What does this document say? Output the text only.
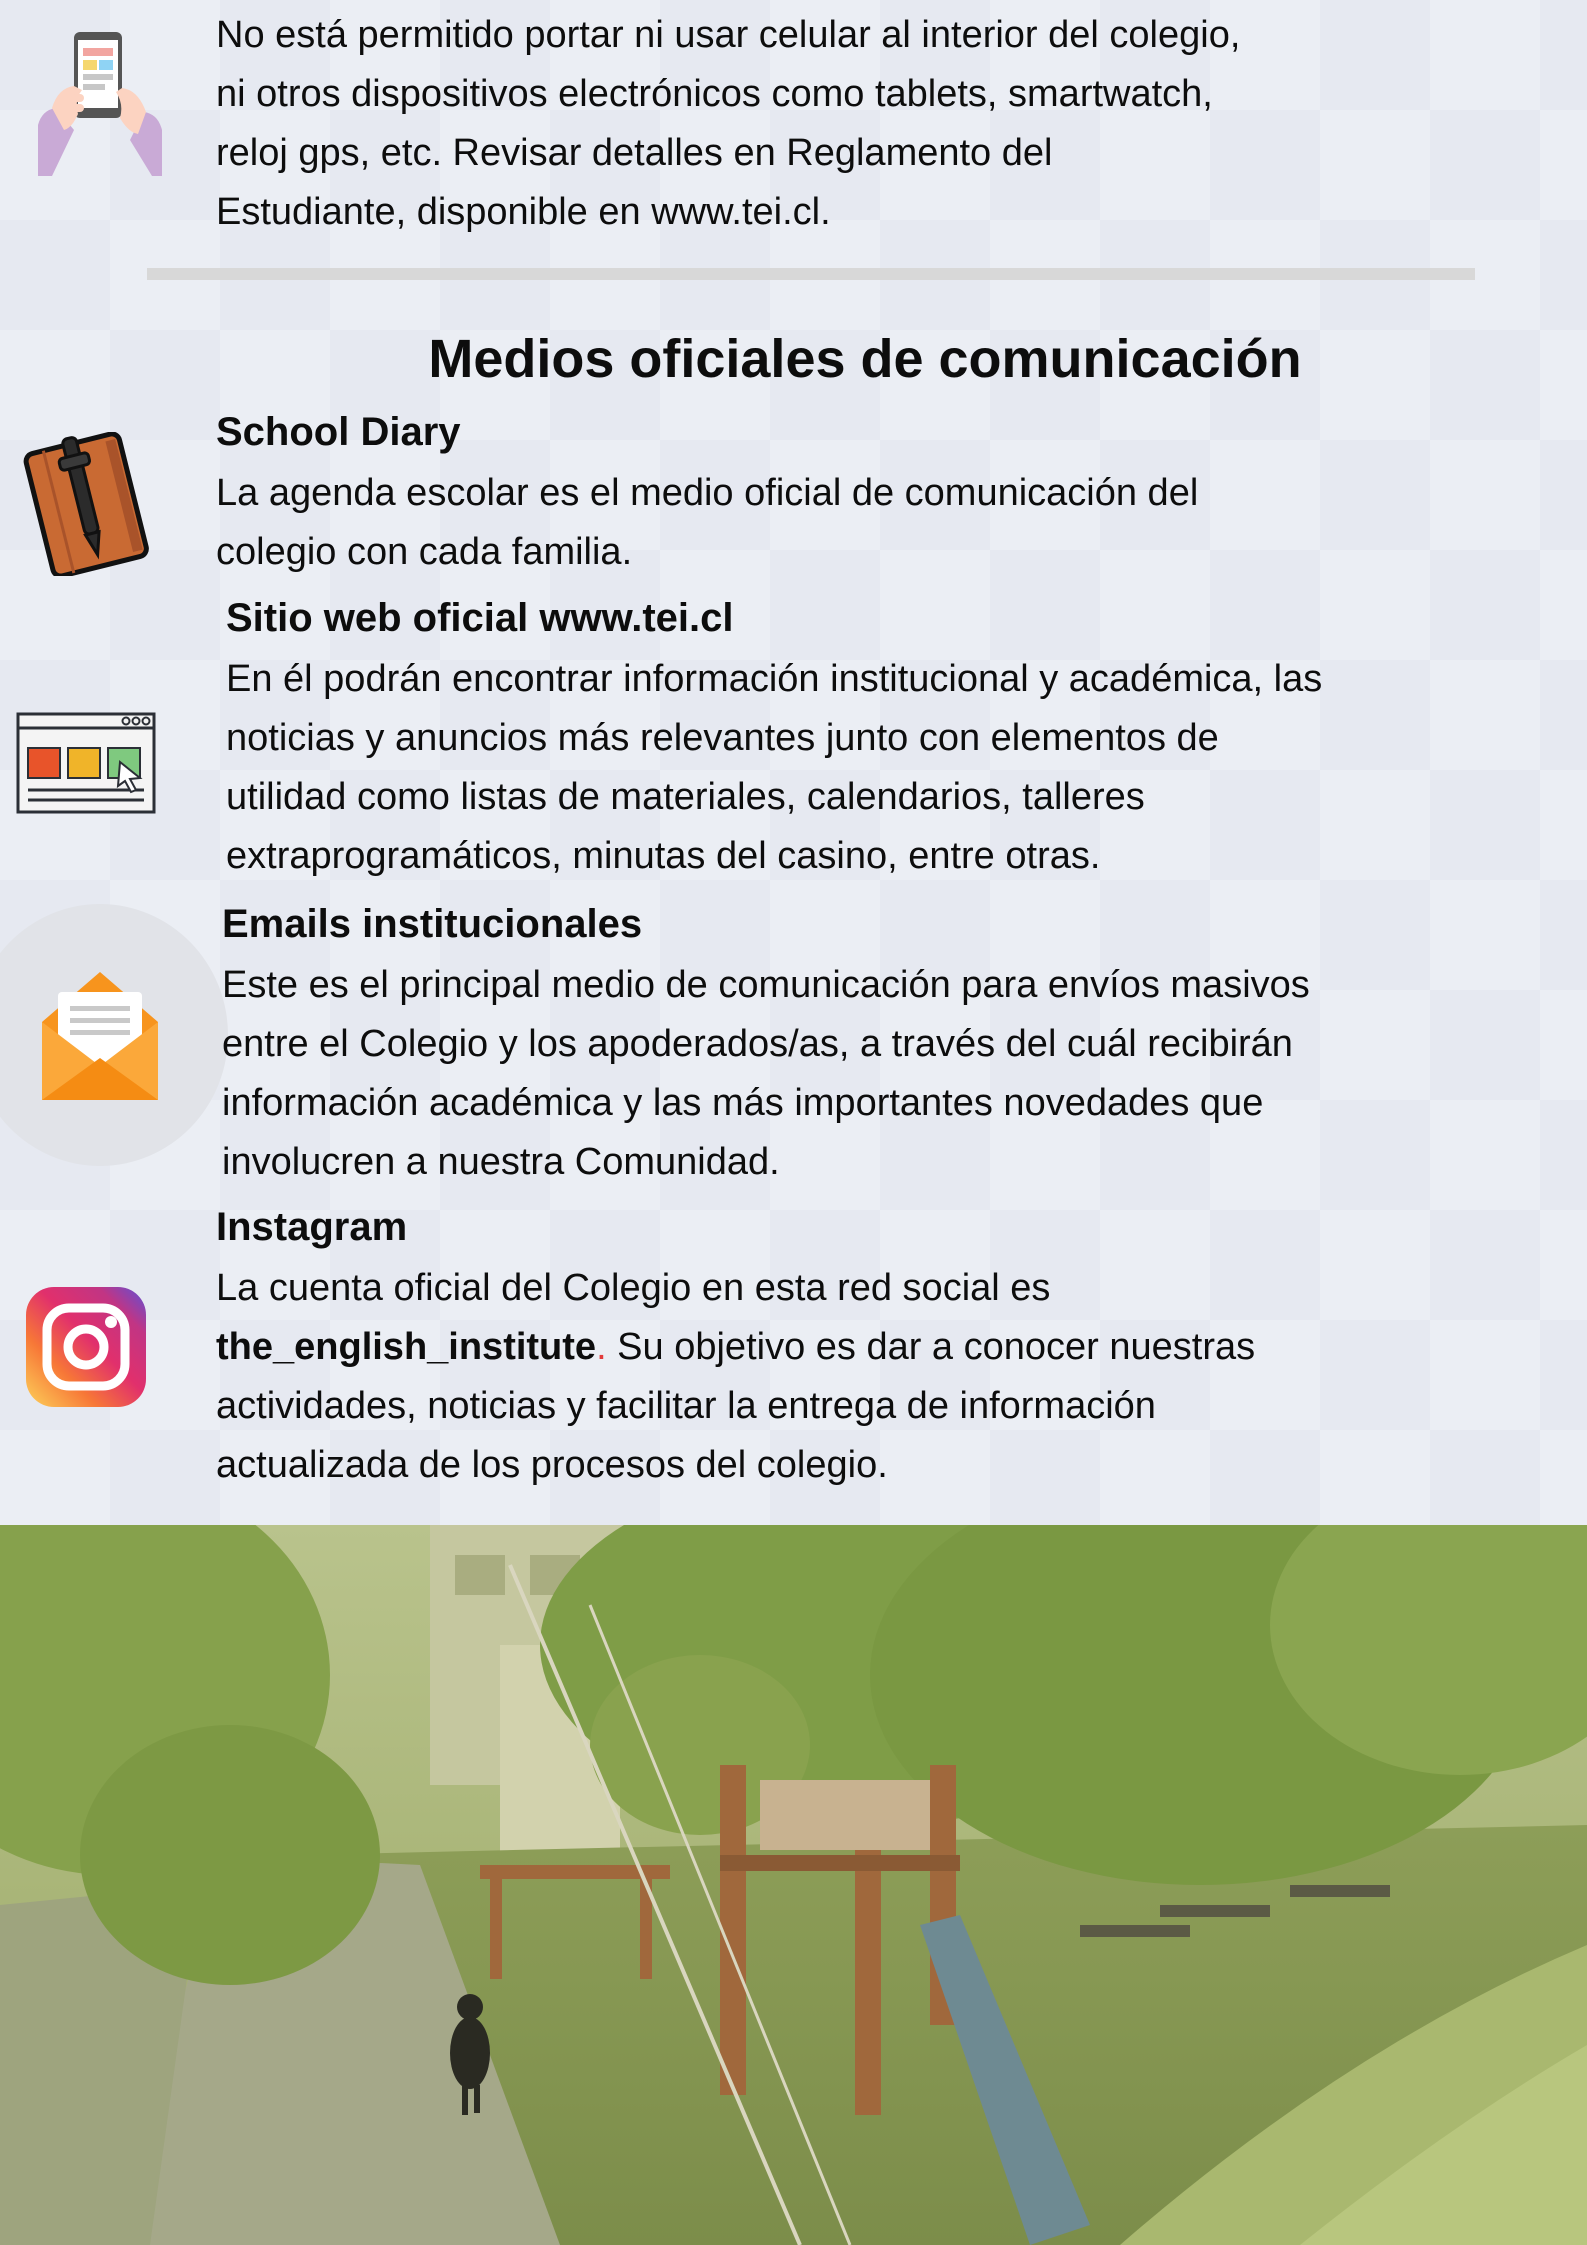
No está permitido portar ni usar celular al interior del colegio,

ni otros dispositivos electrónicos como tablets, smartwatch,

reloj gps, etc. Revisar detalles en Reglamento del

Estudiante, disponible en www.tei.cl.

Medios oficiales de comunicación
School Diary

La agenda escolar es el medio oficial de comunicación del

colegio con cada familia.

Sitio web oficial www.tei.cl

En él podrán encontrar información institucional y académica, las

noticias y anuncios más relevantes junto con elementos de

utilidad como listas de materiales, calendarios, talleres

extraprogramáticos, minutas del casino, entre otras.

Emails institucionales

Este es el principal medio de comunicación para envíos masivos

entre el Colegio y los apoderados/as, a través del cuál recibirán

información académica y las más importantes novedades que

involucren a nuestra Comunidad.

Instagram

La cuenta oficial del Colegio en esta red social es

the_english_institute. Su objetivo es dar a conocer nuestras

actividades, noticias y facilitar la entrega de información

actualizada de los procesos del colegio.
